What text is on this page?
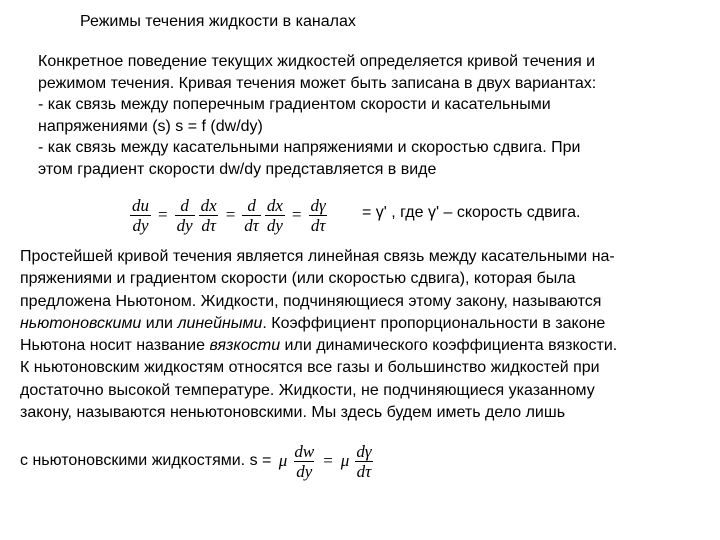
Режимы течения жидкости в каналах
Конкретное поведение текущих жидкостей определяется кривой течения и
режимом течения. Кривая течения может быть записана в двух вариантах:
- как связь между поперечным градиентом скорости и касательными
напряжениями (s) s = f (dw/dy)
- как связь между касательными напряжениями и скоростью сдвига. При
этом градиент скорости dw/dy представляется в виде
$\frac{du}{dy} = \frac{d}{dy} \frac{dx}{d\tau} = \frac{d}{d\tau} \frac{dx}{dy} = \frac{d\gamma}{d\tau} = \gamma'$ , где γ' – скорость сдвига.
Простейшей кривой течения является линейная связь между касательными на-
пряжениями и градиентом скорости (или скоростью сдвига), которая была
предложена Ньютоном. Жидкости, подчиняющиеся этому закону, называются
ньютоновскими или линейными. Коэффициент пропорциональности в законе
Ньютона носит название вязкости или динамического коэффициента вязкости.
К ньютоновским жидкостям относятся все газы и большинство жидкостей при
достаточно высокой температуре. Жидкости, не подчиняющиеся указанному
закону, называются неньютоновскими. Мы здесь будем иметь дело лишь
с ньютоновскими жидкостями. s = μ $\frac{dw}{dy} = \mu \frac{d\gamma}{d\tau}$
